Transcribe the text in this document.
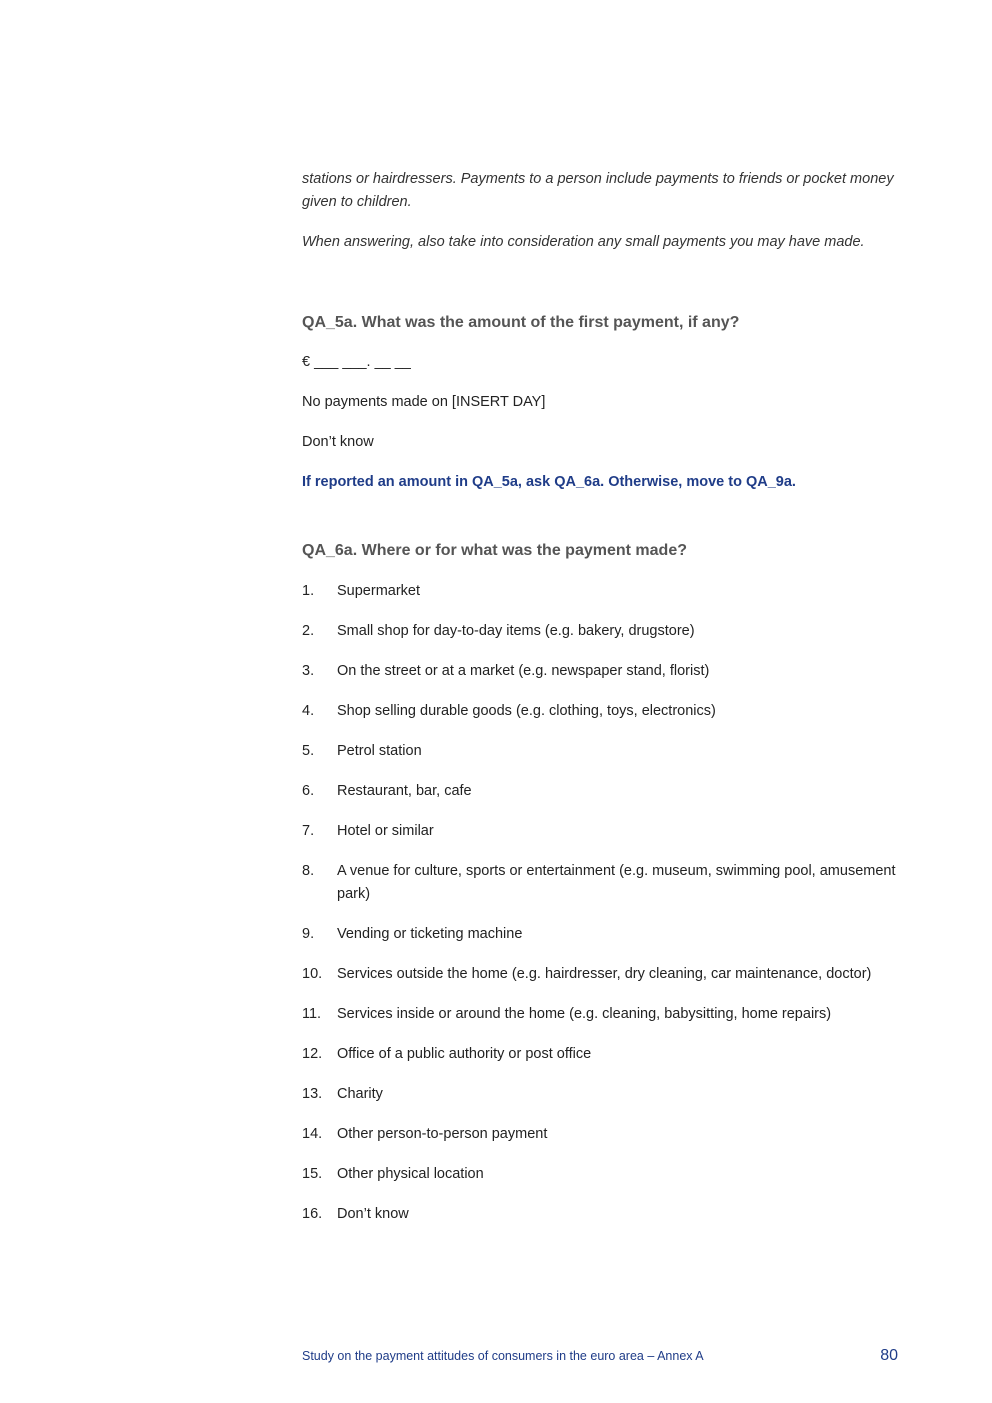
stations or hairdressers. Payments to a person include payments to friends or pocket money given to children.

When answering, also take into consideration any small payments you may have made.

QA_5a. What was the amount of the first payment, if any?

€ ___ ___. __ __

No payments made on [INSERT DAY]

Don’t know

If reported an amount in QA_5a, ask QA_6a. Otherwise, move to QA_9a.

QA_6a. Where or for what was the payment made?

1.	Supermarket
2.	Small shop for day-to-day items (e.g. bakery, drugstore)
3.	On the street or at a market (e.g. newspaper stand, florist)
4.	Shop selling durable goods (e.g. clothing, toys, electronics)
5.	Petrol station
6.	Restaurant, bar, cafe
7.	Hotel or similar
8.	A venue for culture, sports or entertainment (e.g. museum, swimming pool, amusement park)
9.	Vending or ticketing machine
10.	Services outside the home (e.g. hairdresser, dry cleaning, car maintenance, doctor)
11.	Services inside or around the home (e.g. cleaning, babysitting, home repairs)
12.	Office of a public authority or post office
13.	Charity
14.	Other person-to-person payment
15.	Other physical location
16.	Don’t know
Study on the payment attitudes of consumers in the euro area – Annex A	80
